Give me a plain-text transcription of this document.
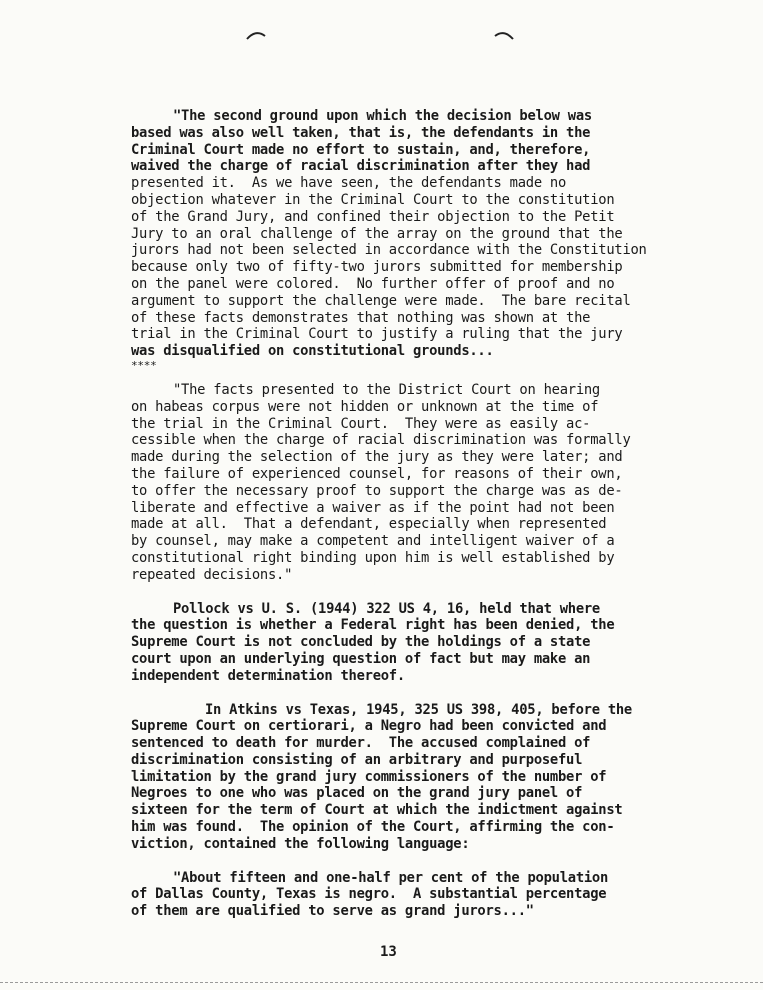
"The second ground upon which the decision below was
based was also well taken, that is, the defendants in the
Criminal Court made no effort to sustain, and, therefore,
waived the charge of racial discrimination after they had
presented it.  As we have seen, the defendants made no
objection whatever in the Criminal Court to the constitution
of the Grand Jury, and confined their objection to the Petit
Jury to an oral challenge of the array on the ground that the
jurors had not been selected in accordance with the Constitution
because only two of fifty-two jurors submitted for membership
on the panel were colored.  No further offer of proof and no
argument to support the challenge were made.  The bare recital
of these facts demonstrates that nothing was shown at the
trial in the Criminal Court to justify a ruling that the jury
was disqualified on constitutional grounds...
****
"The facts presented to the District Court on hearing
on habeas corpus were not hidden or unknown at the time of
the trial in the Criminal Court.  They were as easily ac-
cessible when the charge of racial discrimination was formally
made during the selection of the jury as they were later; and
the failure of experienced counsel, for reasons of their own,
to offer the necessary proof to support the charge was as de-
liberate and effective a waiver as if the point had not been
made at all.  That a defendant, especially when represented
by counsel, may make a competent and intelligent waiver of a
constitutional right binding upon him is well established by
repeated decisions."
Pollock vs U. S. (1944) 322 US 4, 16, held that where
the question is whether a Federal right has been denied, the
Supreme Court is not concluded by the holdings of a state
court upon an underlying question of fact but may make an
independent determination thereof.
In Atkins vs Texas, 1945, 325 US 398, 405, before the
Supreme Court on certiorari, a Negro had been convicted and
sentenced to death for murder.  The accused complained of
discrimination consisting of an arbitrary and purposeful
limitation by the grand jury commissioners of the number of
Negroes to one who was placed on the grand jury panel of
sixteen for the term of Court at which the indictment against
him was found.  The opinion of the Court, affirming the con-
viction, contained the following language:
"About fifteen and one-half per cent of the population
of Dallas County, Texas is negro.  A substantial percentage
of them are qualified to serve as grand jurors..."
13
